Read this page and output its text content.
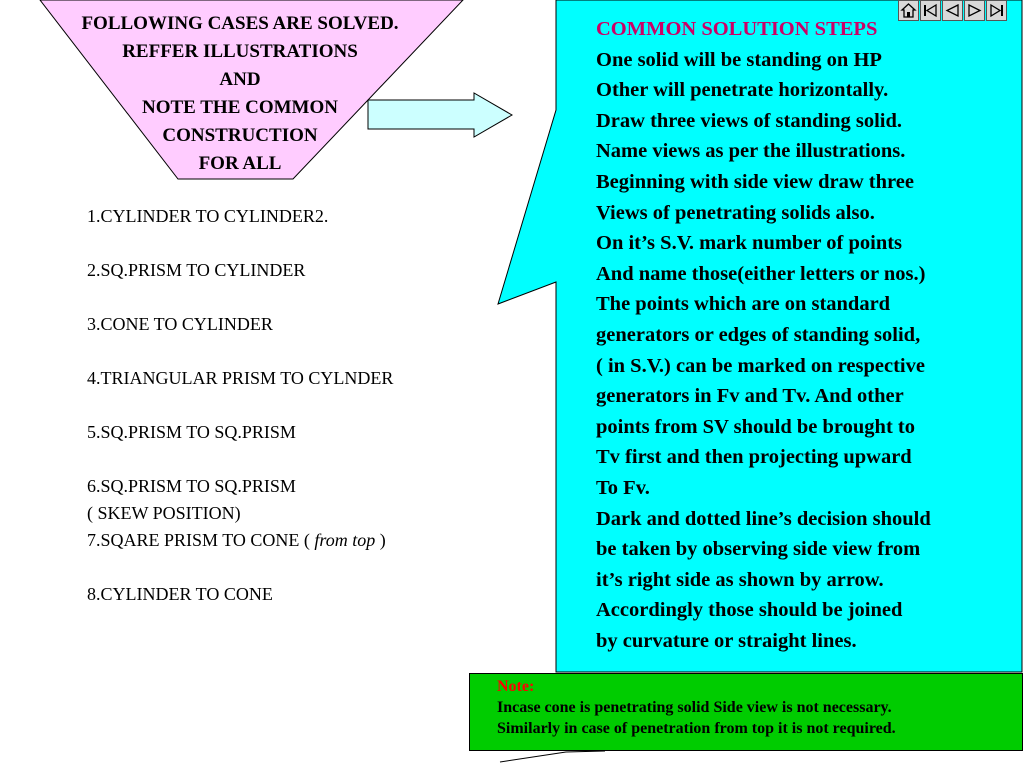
FOLLOWING CASES ARE SOLVED.
REFFER ILLUSTRATIONS
AND
NOTE THE COMMON
CONSTRUCTION
FOR ALL
1.CYLINDER TO CYLINDER2.
2.SQ.PRISM TO CYLINDER
3.CONE TO CYLINDER
4.TRIANGULAR PRISM TO CYLNDER
5.SQ.PRISM TO SQ.PRISM
6.SQ.PRISM TO SQ.PRISM
( SKEW POSITION)
7.SQARE PRISM TO CONE ( from top )
8.CYLINDER TO CONE
COMMON SOLUTION STEPS
One solid will be standing on HP
Other will penetrate horizontally.
Draw three views of standing solid.
Name views as per the illustrations.
Beginning with side view draw three
Views of penetrating solids also.
On it’s S.V. mark number of points
And name those(either letters or nos.)
The points which are on standard
generators or edges of standing solid,
( in S.V.) can be marked on respective
generators in Fv and Tv. And other
points from SV should be brought to
Tv first and then projecting upward
To Fv.
Dark and dotted line’s decision should
be taken by observing side view from
it’s right side as shown by arrow.
Accordingly those should be joined
by curvature or straight lines.
Note:
Incase cone is penetrating solid Side view is not necessary.
Similarly in case of penetration from top it is not required.
